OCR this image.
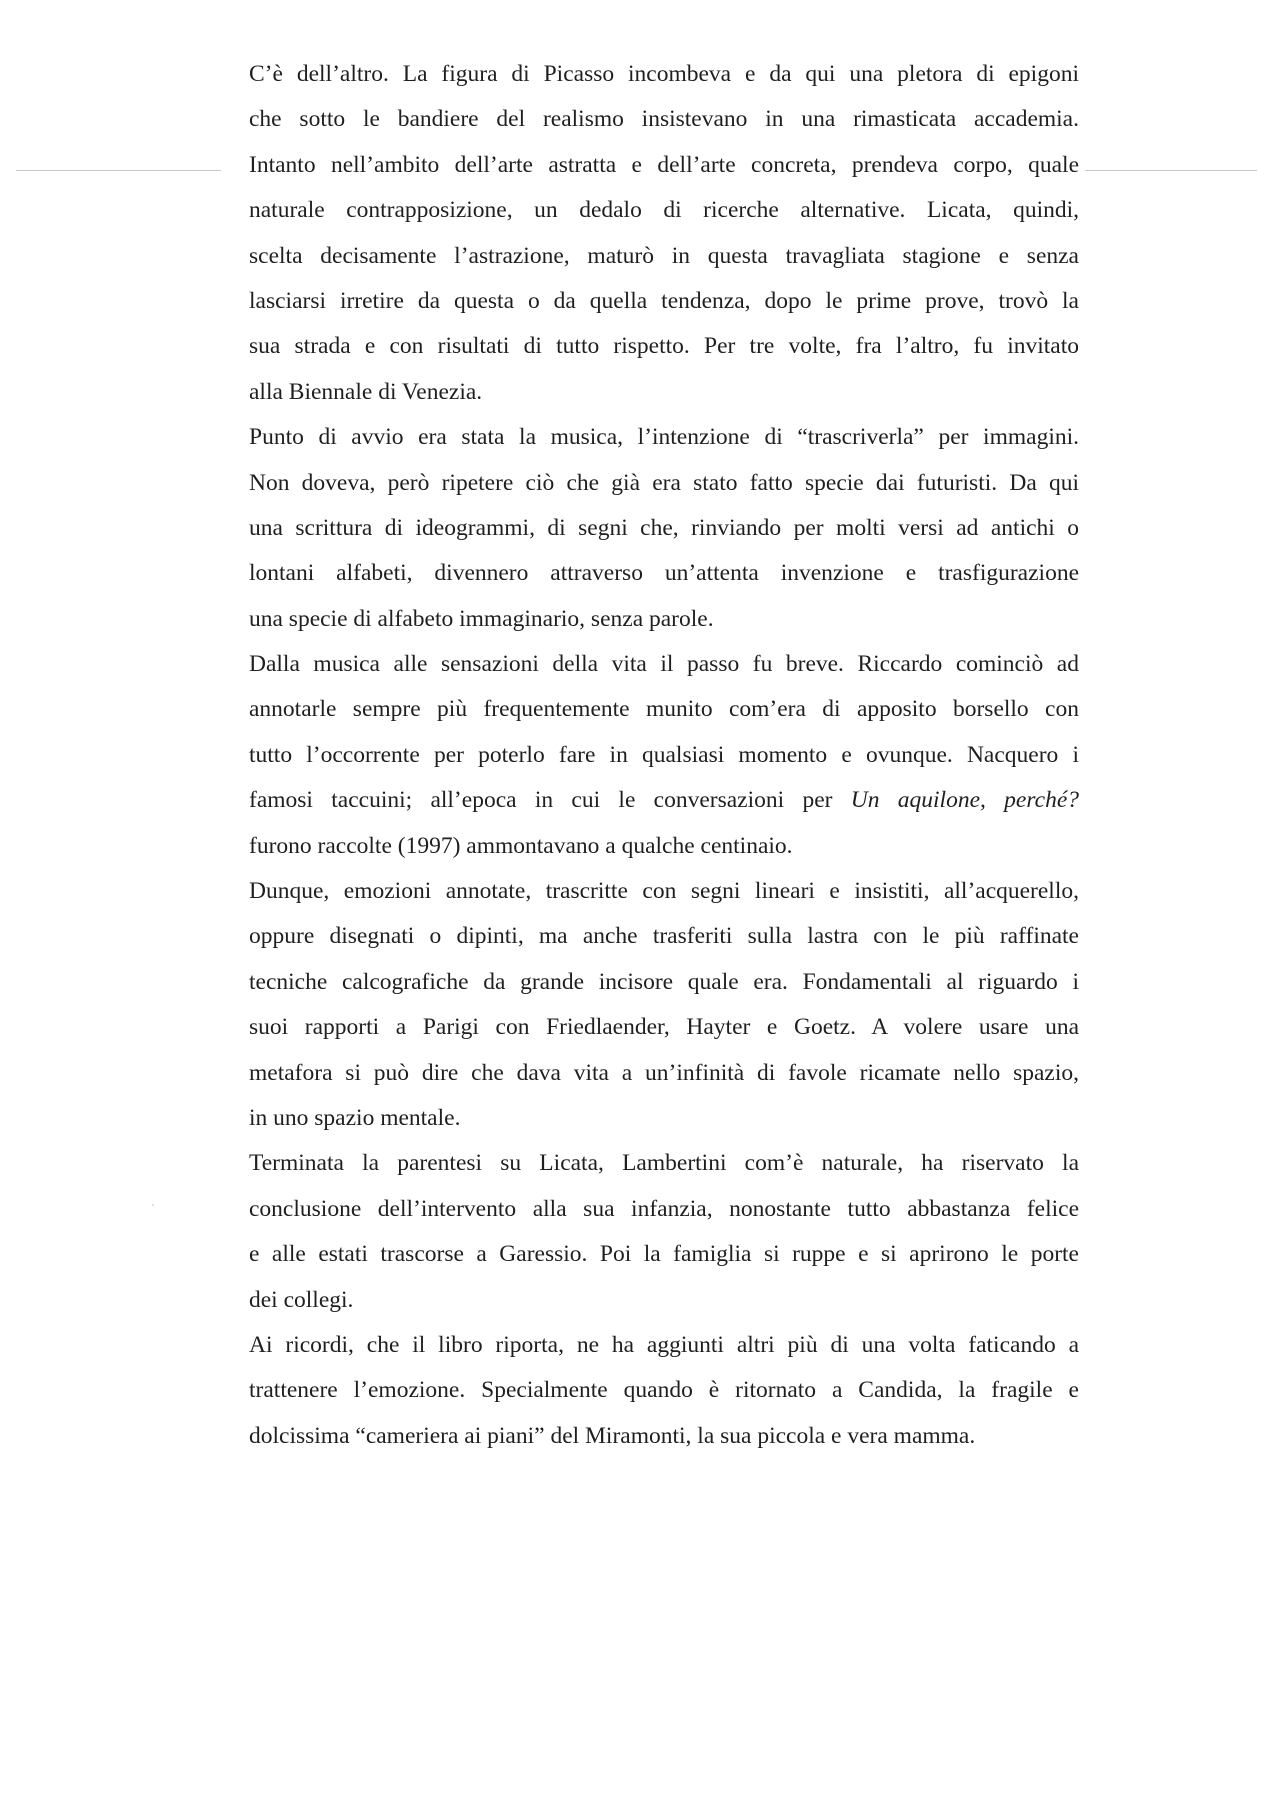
C’è dell’altro. La figura di Picasso incombeva e da qui una pletora di epigoni
che sotto le bandiere del realismo insistevano in una rimasticata accademia.
Intanto nell’ambito dell’arte astratta e dell’arte concreta, prendeva corpo, quale
naturale contrapposizione, un dedalo di ricerche alternative. Licata, quindi,
scelta decisamente l’astrazione, maturò in questa travagliata stagione e senza
lasciarsi irretire da questa o da quella tendenza, dopo le prime prove, trovò la
sua strada e con risultati di tutto rispetto. Per tre volte, fra l’altro, fu invitato
alla Biennale di Venezia.
Punto di avvio era stata la musica, l’intenzione di “trascriverla” per immagini.
Non doveva, però ripetere ciò che già era stato fatto specie dai futuristi. Da qui
una scrittura di ideogrammi, di segni che, rinviando per molti versi ad antichi o
lontani alfabeti, divennero attraverso un’attenta invenzione e trasfigurazione
una specie di alfabeto immaginario, senza parole.
Dalla musica alle sensazioni della vita il passo fu breve. Riccardo cominciò ad
annotarle sempre più frequentemente munito com’era di apposito borsello con
tutto l’occorrente per poterlo fare in qualsiasi momento e ovunque. Nacquero i
famosi taccuini; all’epoca in cui le conversazioni per Un aquilone, perché?
furono raccolte (1997) ammontavano a qualche centinaio.
Dunque, emozioni annotate, trascritte con segni lineari e insistiti, all’acquerello,
oppure disegnati o dipinti, ma anche trasferiti sulla lastra con le più raffinate
tecniche calcografiche da grande incisore quale era. Fondamentali al riguardo i
suoi rapporti a Parigi con Friedlaender, Hayter e Goetz. A volere usare una
metafora si può dire che dava vita a un’infinità di favole ricamate nello spazio,
in uno spazio mentale.
Terminata la parentesi su Licata, Lambertini com’è naturale, ha riservato la
conclusione dell’intervento alla sua infanzia, nonostante tutto abbastanza felice
e alle estati trascorse a Garessio. Poi la famiglia si ruppe e si aprirono le porte
dei collegi.
Ai ricordi, che il libro riporta, ne ha aggiunti altri più di una volta faticando a
trattenere l’emozione. Specialmente quando è ritornato a Candida, la fragile e
dolcissima “cameriera ai piani” del Miramonti, la sua piccola e vera mamma.
